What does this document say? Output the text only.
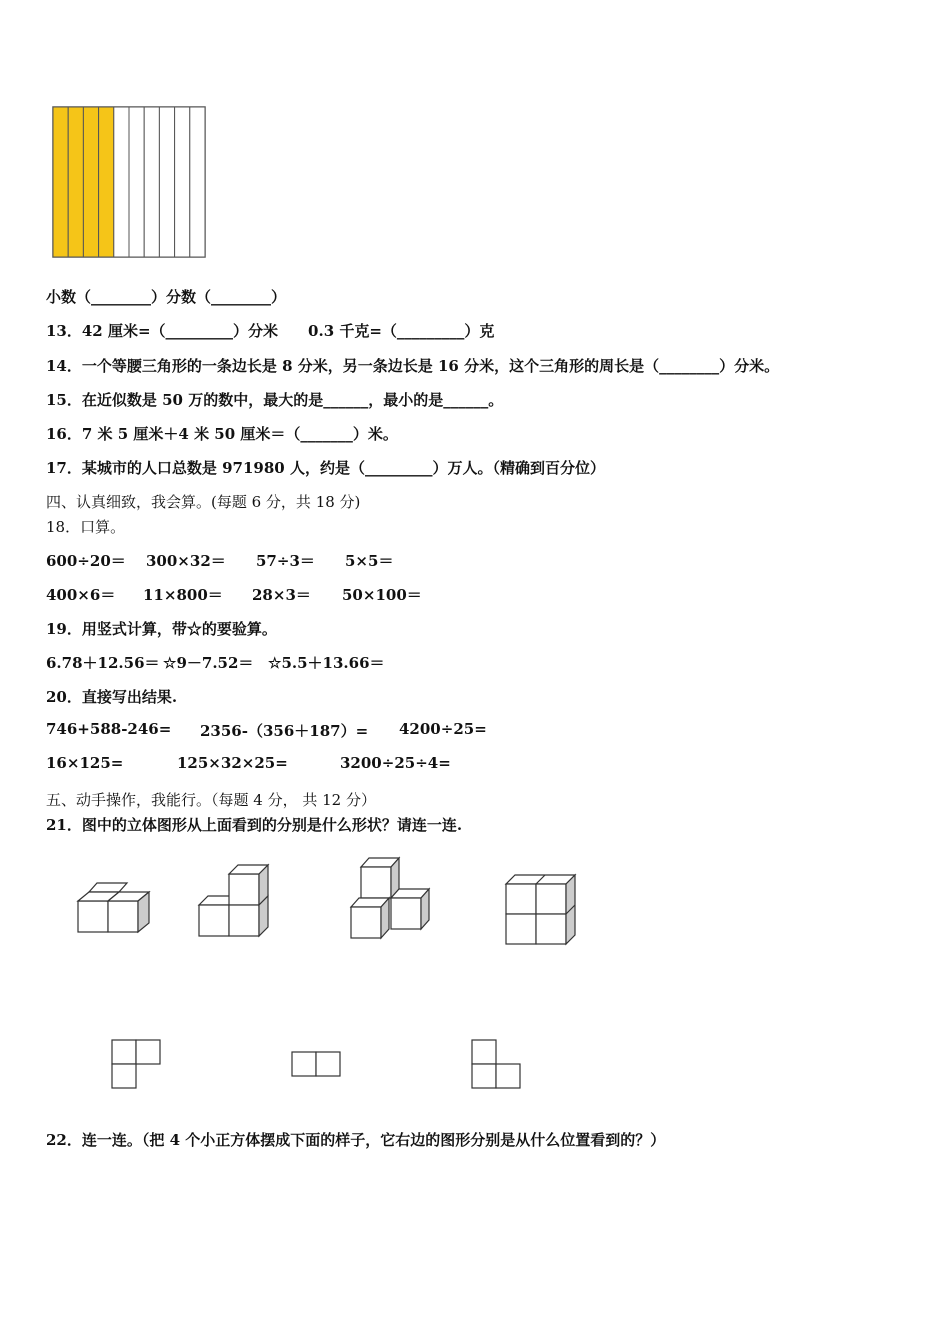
小数（________）分数（________）
13．42 厘米=（_________）分米　　0.3 千克=（_________）克
14．一个等腰三角形的一条边长是 8 分米，另一条边长是 16 分米，这个三角形的周长是（________）分米。
15．在近似数是 50 万的数中，最大的是______，最小的是______。
16．7 米 5 厘米＋4 米 50 厘米＝（_______）米。
17．某城市的人口总数是 971980 人，约是（_________）万人。（精确到百分位）
四、认真细致，我会算。(每题 6 分，共 18 分)
18．口算。
600÷20＝ 300×32＝ 57÷3＝ 5×5＝
400×6＝ 11×800＝ 28×3＝ 50×100＝
19．用竖式计算，带☆的要验算。
6.78＋12.56＝ ☆9－7.52＝ ☆5.5＋13.66＝
20．直接写出结果.
746+588-246= 2356-（356＋187）= 4200÷25=
16×125=	125×32×25=	3200÷25÷4=
五、动手操作，我能行。（每题 4 分， 共 12 分）
21．图中的立体图形从上面看到的分别是什么形状？请连一连.
22．连一连。（把 4 个小正方体摆成下面的样子，它右边的图形分别是从什么位置看到的？）
